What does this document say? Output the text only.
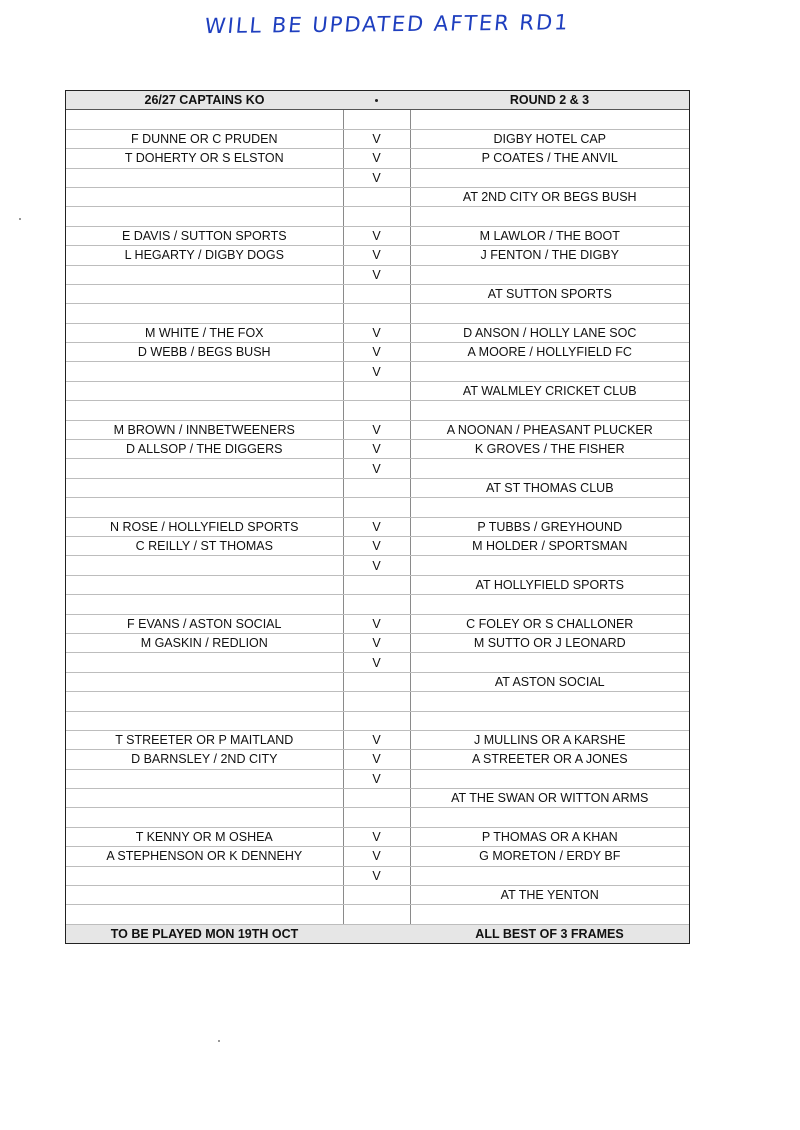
WILL BE UPDATED AFTER RD1
26/27 CAPTAINS KO		ROUND 2 & 3

F DUNNE OR C PRUDEN	V	DIGBY HOTEL CAP
T DOHERTY OR S ELSTON	V	P COATES / THE ANVIL
	V	
		AT 2ND CITY OR BEGS BUSH

E DAVIS / SUTTON SPORTS	V	M LAWLOR / THE BOOT
L HEGARTY / DIGBY DOGS	V	J FENTON / THE DIGBY
	V	
		AT SUTTON SPORTS

M WHITE / THE FOX	V	D ANSON / HOLLY LANE SOC
D WEBB / BEGS BUSH	V	A MOORE / HOLLYFIELD FC
	V	
		AT WALMLEY CRICKET CLUB

M BROWN / INNBETWEENERS	V	A NOONAN / PHEASANT PLUCKER
D ALLSOP / THE DIGGERS	V	K GROVES / THE FISHER
	V	
		AT ST THOMAS CLUB

N ROSE / HOLLYFIELD SPORTS	V	P TUBBS / GREYHOUND
C REILLY / ST THOMAS	V	M HOLDER / SPORTSMAN
	V	
		AT HOLLYFIELD SPORTS

F EVANS / ASTON SOCIAL	V	C FOLEY OR S CHALLONER
M GASKIN / REDLION	V	M SUTTO OR J LEONARD
	V	
		AT ASTON SOCIAL

T STREETER OR P MAITLAND	V	J MULLINS OR A KARSHE
D BARNSLEY / 2ND CITY	V	A STREETER OR A JONES
	V	
		AT THE SWAN OR WITTON ARMS

T KENNY OR M OSHEA	V	P THOMAS OR A KHAN
A STEPHENSON OR K DENNEHY	V	G MORETON / ERDY BF
	V	
		AT THE YENTON

TO BE PLAYED MON 19TH OCT		ALL BEST OF 3 FRAMES
